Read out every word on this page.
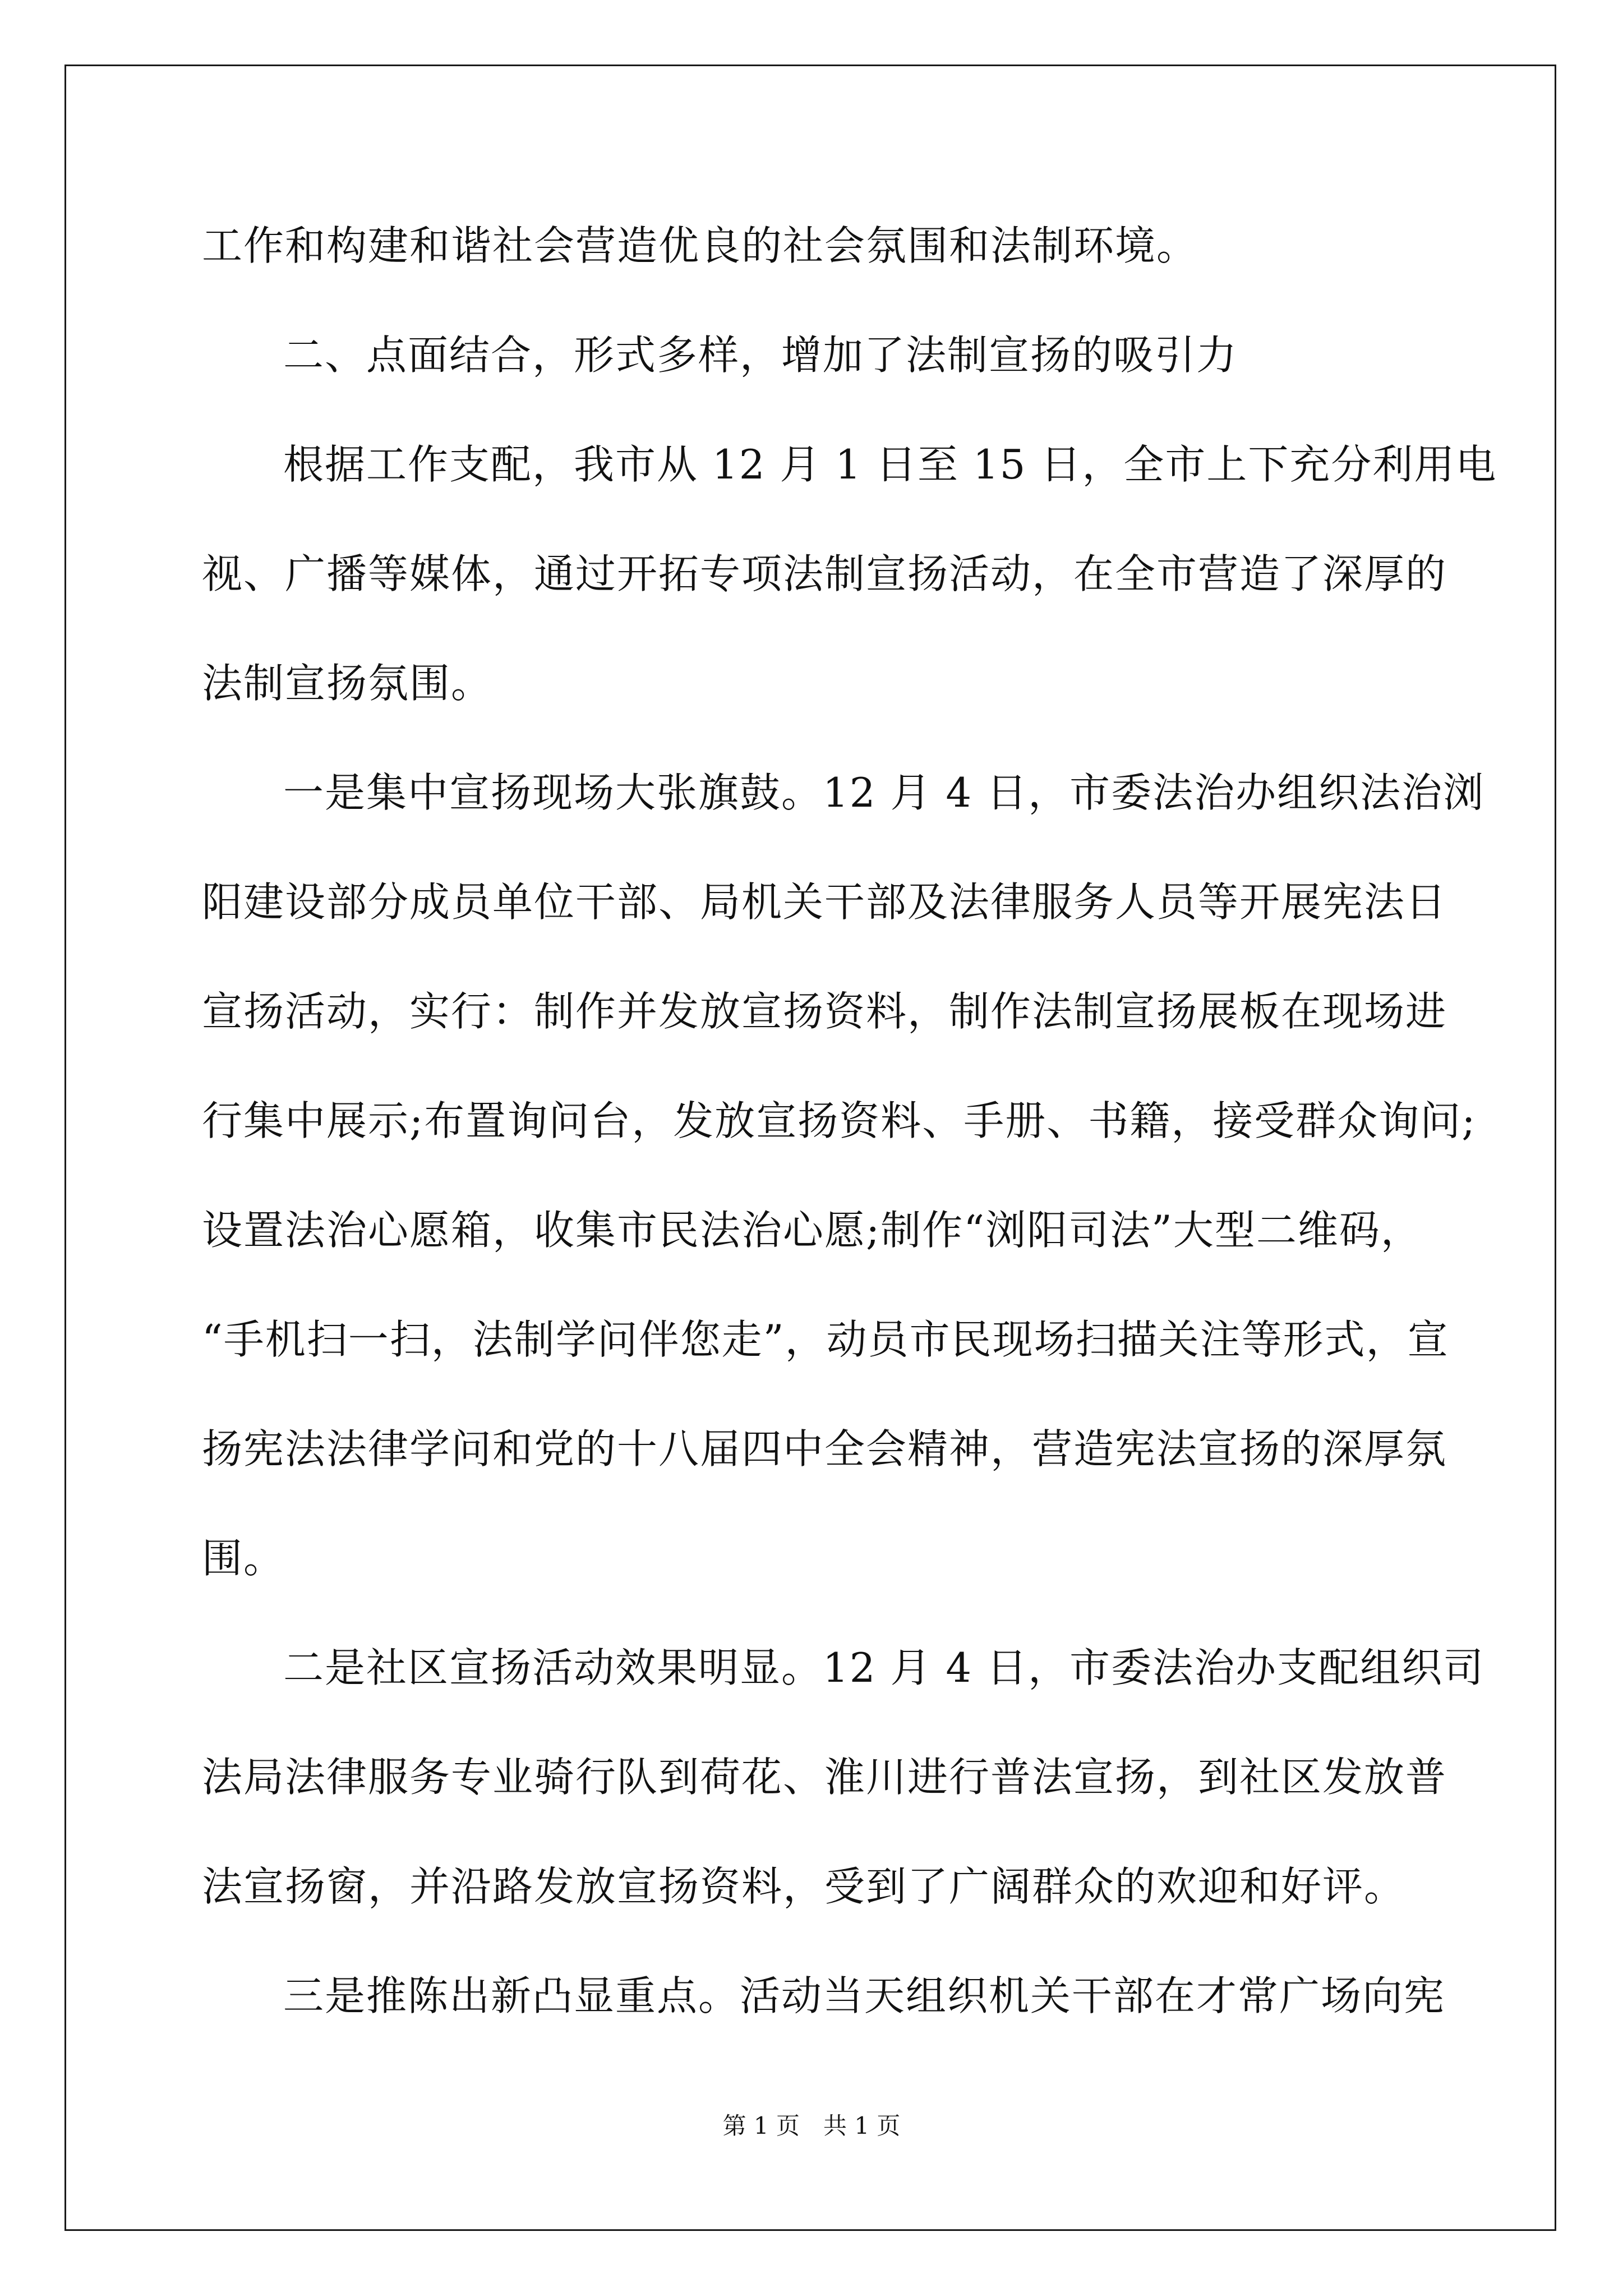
工作和构建和谐社会营造优良的社会氛围和法制环境。
二、点面结合，形式多样，增加了法制宣扬的吸引力
根据工作支配，我市从 12 月 1 日至 15 日，全市上下充分利用电
视、广播等媒体，通过开拓专项法制宣扬活动，在全市营造了深厚的
法制宣扬氛围。
一是集中宣扬现场大张旗鼓。12 月 4 日，市委法治办组织法治浏
阳建设部分成员单位干部、局机关干部及法律服务人员等开展宪法日
宣扬活动，实行：制作并发放宣扬资料，制作法制宣扬展板在现场进
行集中展示;布置询问台，发放宣扬资料、手册、书籍，接受群众询问;
设置法治心愿箱，收集市民法治心愿;制作“浏阳司法”大型二维码，
“手机扫一扫，法制学问伴您走”，动员市民现场扫描关注等形式，宣
扬宪法法律学问和党的十八届四中全会精神，营造宪法宣扬的深厚氛
围。
二是社区宣扬活动效果明显。12 月 4 日，市委法治办支配组织司
法局法律服务专业骑行队到荷花、淮川进行普法宣扬，到社区发放普
法宣扬窗，并沿路发放宣扬资料，受到了广阔群众的欢迎和好评。
三是推陈出新凸显重点。活动当天组织机关干部在才常广场向宪
第 1 页　共 1 页
